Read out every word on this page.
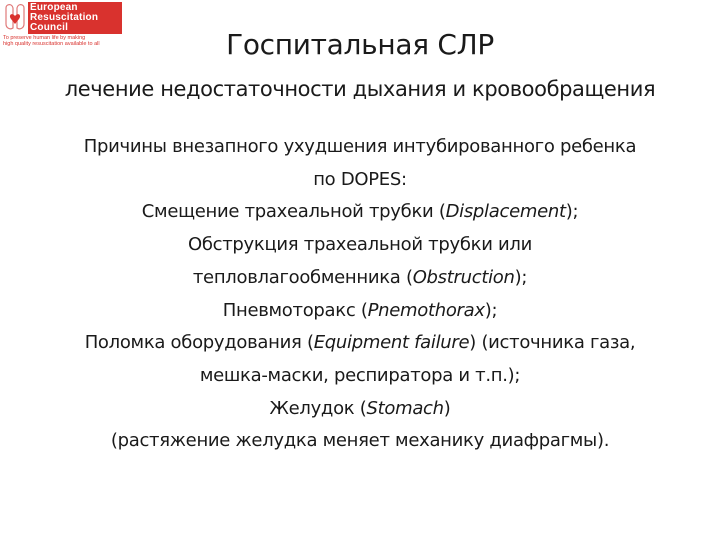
European
Resuscitation
Council
To preserve human life by making
high quality resuscitation available to all	Госпитальная СЛР
лечение недостаточности дыхания и кровообращения
Причины внезапного ухудшения интубированного ребенка
по DOPES:
Смещение трахеальной трубки (Displacement);
Обструкция трахеальной трубки или
тепловлагообменника (Obstruction);
Пневмоторакс (Pnemothorax);
Поломка оборудования (Equipment failure) (источника газа,
мешка-маски, респиратора и т.п.);
Желудок (Stomach)
(растяжение желудка меняет механику диафрагмы).
